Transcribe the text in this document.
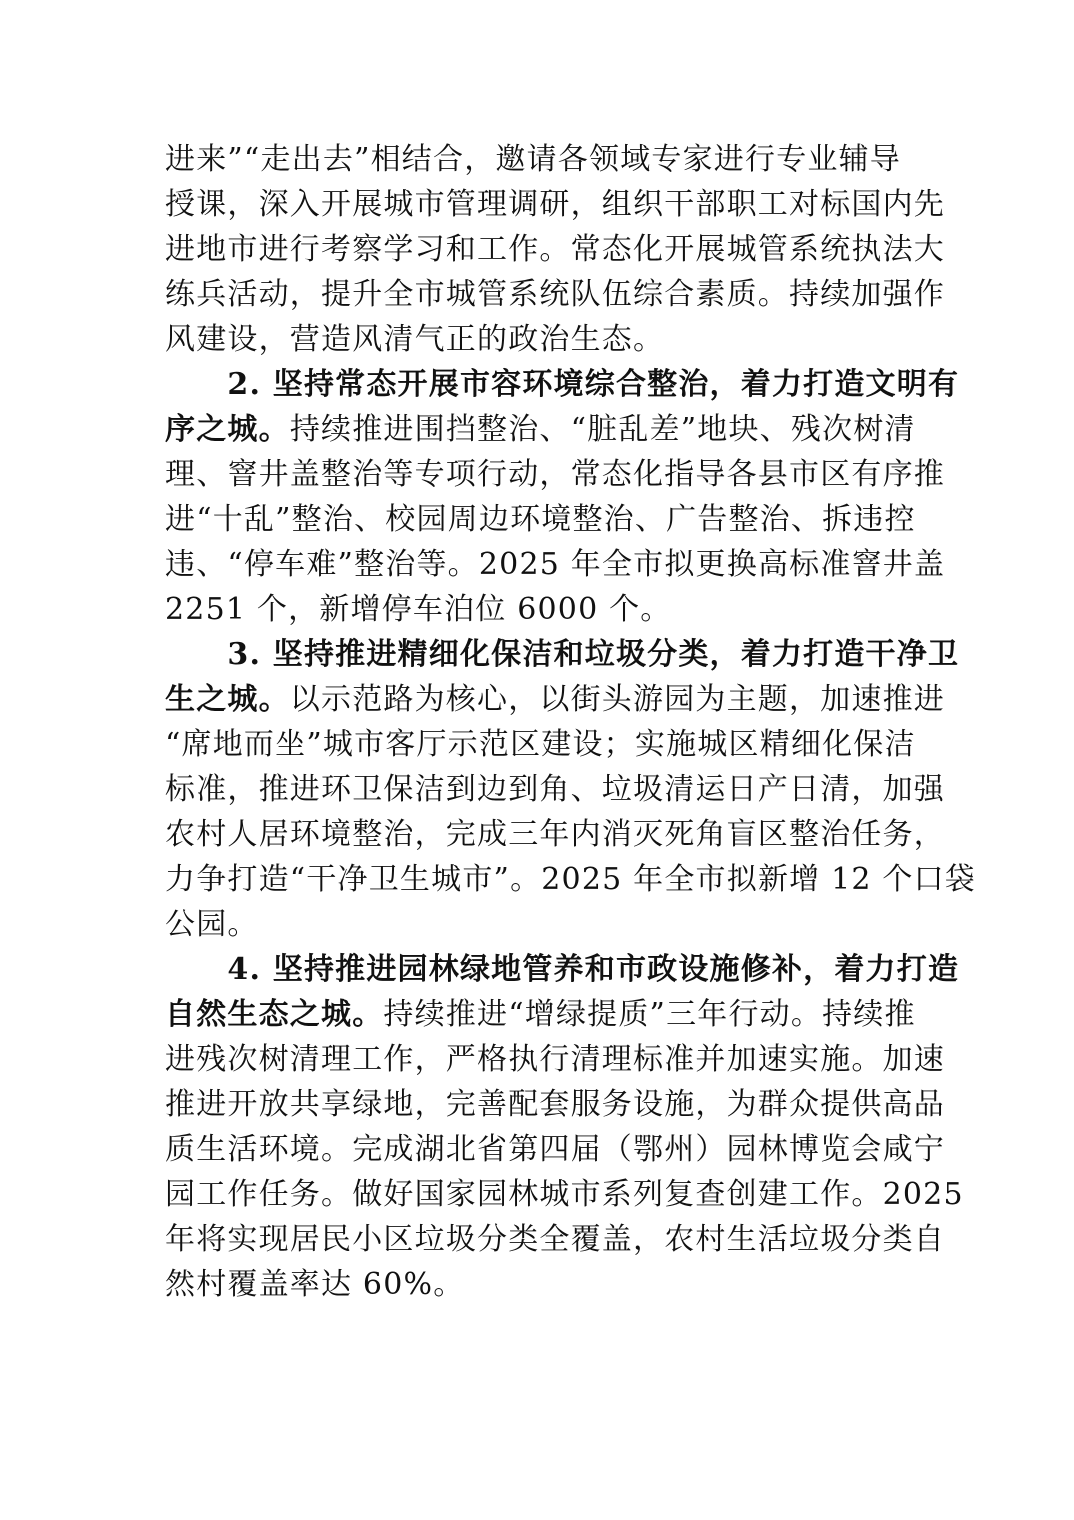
进来”“走出去”相结合，邀请各领域专家进行专业辅导
授课，深入开展城市管理调研，组织干部职工对标国内先
进地市进行考察学习和工作。常态化开展城管系统执法大
练兵活动，提升全市城管系统队伍综合素质。持续加强作
风建设，营造风清气正的政治生态。
　　2. 坚持常态开展市容环境综合整治，着力打造文明有
序之城。持续推进围挡整治、“脏乱差”地块、残次树清
理、窨井盖整治等专项行动，常态化指导各县市区有序推
进“十乱”整治、校园周边环境整治、广告整治、拆违控
违、“停车难”整治等。2025 年全市拟更换高标准窨井盖
2251 个，新增停车泊位 6000 个。
　　3. 坚持推进精细化保洁和垃圾分类，着力打造干净卫
生之城。以示范路为核心，以街头游园为主题，加速推进
“席地而坐”城市客厅示范区建设；实施城区精细化保洁
标准，推进环卫保洁到边到角、垃圾清运日产日清，加强
农村人居环境整治，完成三年内消灭死角盲区整治任务，
力争打造“干净卫生城市”。2025 年全市拟新增 12 个口袋
公园。
　　4. 坚持推进园林绿地管养和市政设施修补，着力打造
自然生态之城。持续推进“增绿提质”三年行动。持续推
进残次树清理工作，严格执行清理标准并加速实施。加速
推进开放共享绿地，完善配套服务设施，为群众提供高品
质生活环境。完成湖北省第四届（鄂州）园林博览会咸宁
园工作任务。做好国家园林城市系列复查创建工作。2025
年将实现居民小区垃圾分类全覆盖，农村生活垃圾分类自
然村覆盖率达 60%。
